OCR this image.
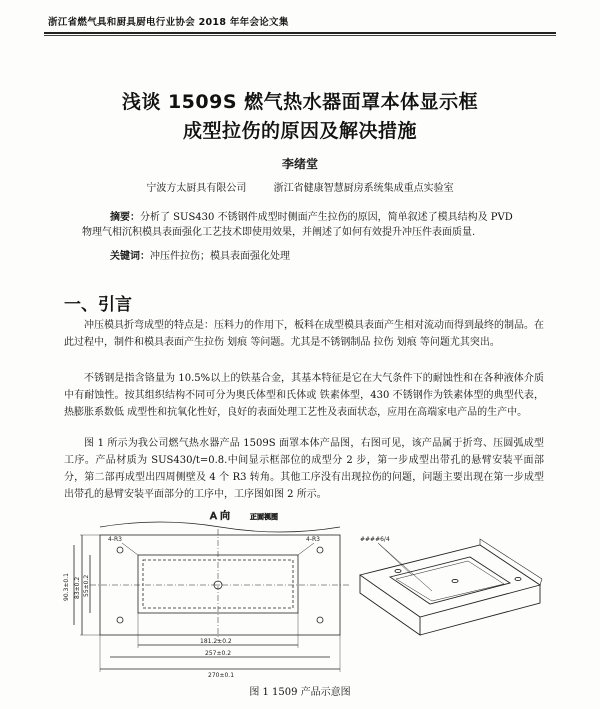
浙江省燃气具和厨具厨电行业协会 2018 年年会论文集
浅谈 1509S 燃气热水器面罩本体显示框
成型拉伤的原因及解决措施
李绪堂
宁波方太厨具有限公司	浙江省健康智慧厨房系统集成重点实验室
摘要：分析了 SUS430 不锈钢件成型时侧面产生拉伤的原因，简单叙述了模具结构及 PVD
物理气相沉积模具表面强化工艺技术即使用效果，并阐述了如何有效提升冲压件表面质量.
关键词：冲压件拉伤；模具表面强化处理
一、引言

冲压模具折弯成型的特点是：压料力的作用下，板料在成型模具表面产生相对流动而得到最终的制品。在此过程中，制件和模具表面产生拉伤 划痕 等问题。尤其是不锈钢制品 拉伤 划痕 等问题尤其突出。

不锈钢是指含铬量为 10.5%以上的铁基合金，其基本特征是它在大气条件下的耐蚀性和在各种液体介质中有耐蚀性。按其组织结构不同可分为奥氏体型和氏体或 铁素体型，430 不锈钢作为铁素体型的典型代表，热膨胀系数低 成型性和抗氧化性好，良好的表面处理工艺性及表面状态，应用在高端家电产品的生产中。

图 1 所示为我公司燃气热水器产品 1509S 面罩本体产品图，右图可见，该产品属于折弯、压圆弧成型工序。产品材质为 SUS430/t=0.8.中间显示框部位的成型分 2 步，第一步成型出带孔的悬臂安装平面部分，第二部再成型出四周侧壁及 4 个 R3 转角。其他工序没有出现拉伤的问题，问题主要出现在第一步成型出带孔的悬臂安装平面部分的工序中，工序图如图 2 所示。

A 向	正面视图
181.2±0.2
257±0.2
270±0.1
4-R3	4-R3
90.3±0.1 83±0.2 55±0.2
####6/4
图 1 1509 产品示意图
